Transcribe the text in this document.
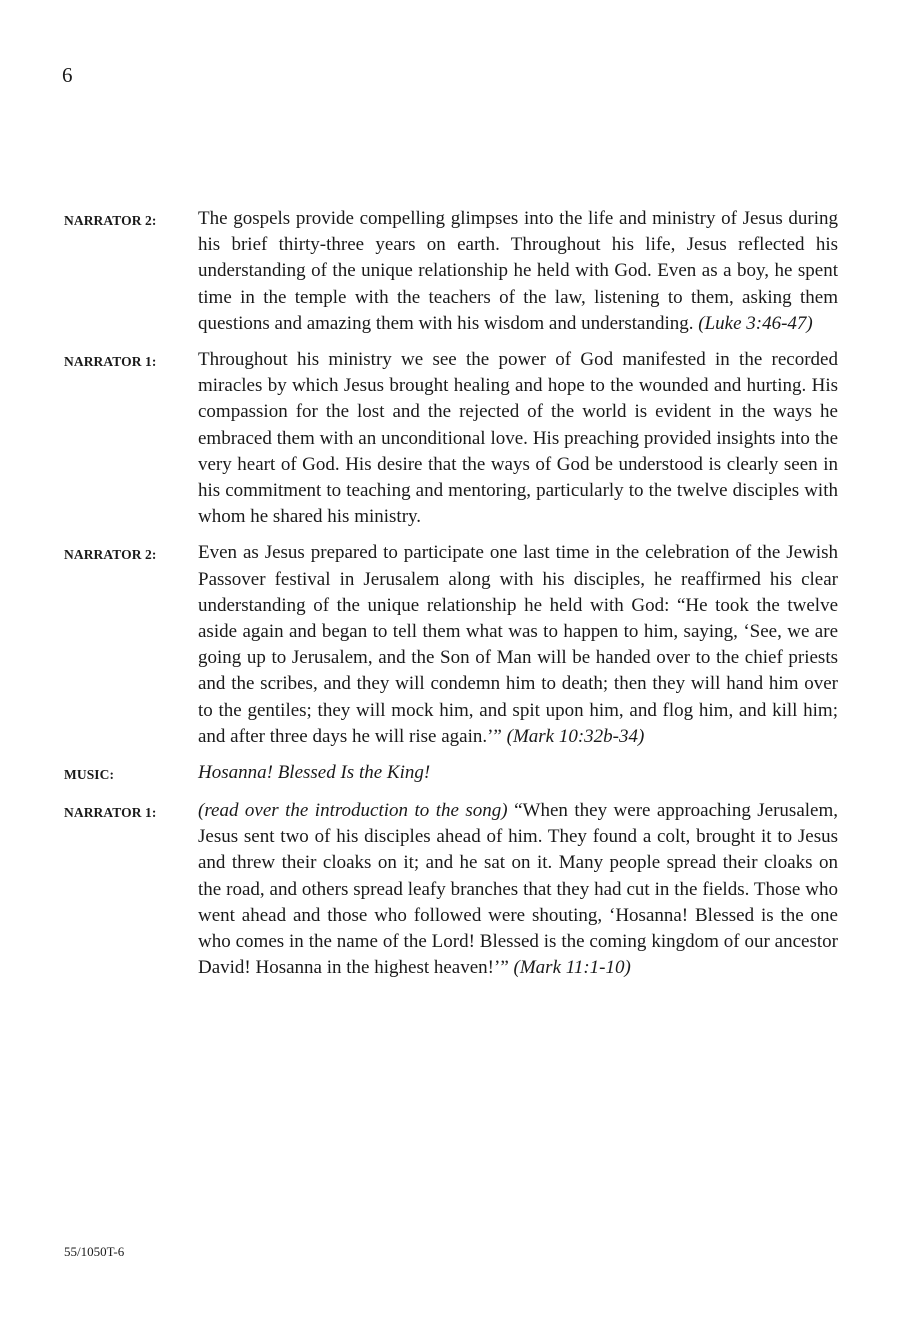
6
NARRATOR 2:	The gospels provide compelling glimpses into the life and ministry of Jesus during his brief thirty-three years on earth. Throughout his life, Jesus reflected his understanding of the unique relationship he held with God. Even as a boy, he spent time in the temple with the teachers of the law, listening to them, asking them questions and amazing them with his wisdom and understanding. (Luke 3:46-47)
NARRATOR 1:	Throughout his ministry we see the power of God manifested in the recorded miracles by which Jesus brought healing and hope to the wounded and hurting. His compassion for the lost and the rejected of the world is evident in the ways he embraced them with an unconditional love. His preaching provided insights into the very heart of God. His desire that the ways of God be understood is clearly seen in his commitment to teaching and mentoring, particularly to the twelve disciples with whom he shared his ministry.
NARRATOR 2:	Even as Jesus prepared to participate one last time in the celebration of the Jewish Passover festival in Jerusalem along with his disciples, he reaffirmed his clear understanding of the unique relationship he held with God: “He took the twelve aside again and began to tell them what was to happen to him, saying, ‘See, we are going up to Jerusalem, and the Son of Man will be handed over to the chief priests and the scribes, and they will condemn him to death; then they will hand him over to the gentiles; they will mock him, and spit upon him, and flog him, and kill him; and after three days he will rise again.’” (Mark 10:32b-34)
MUSIC:	Hosanna! Blessed Is the King!
NARRATOR 1:	(read over the introduction to the song) “When they were approaching Jerusalem, Jesus sent two of his disciples ahead of him. They found a colt, brought it to Jesus and threw their cloaks on it; and he sat on it. Many people spread their cloaks on the road, and others spread leafy branches that they had cut in the fields. Those who went ahead and those who followed were shouting, ‘Hosanna! Blessed is the one who comes in the name of the Lord! Blessed is the coming kingdom of our ancestor David! Hosanna in the highest heaven!’” (Mark 11:1-10)
55/1050T-6
